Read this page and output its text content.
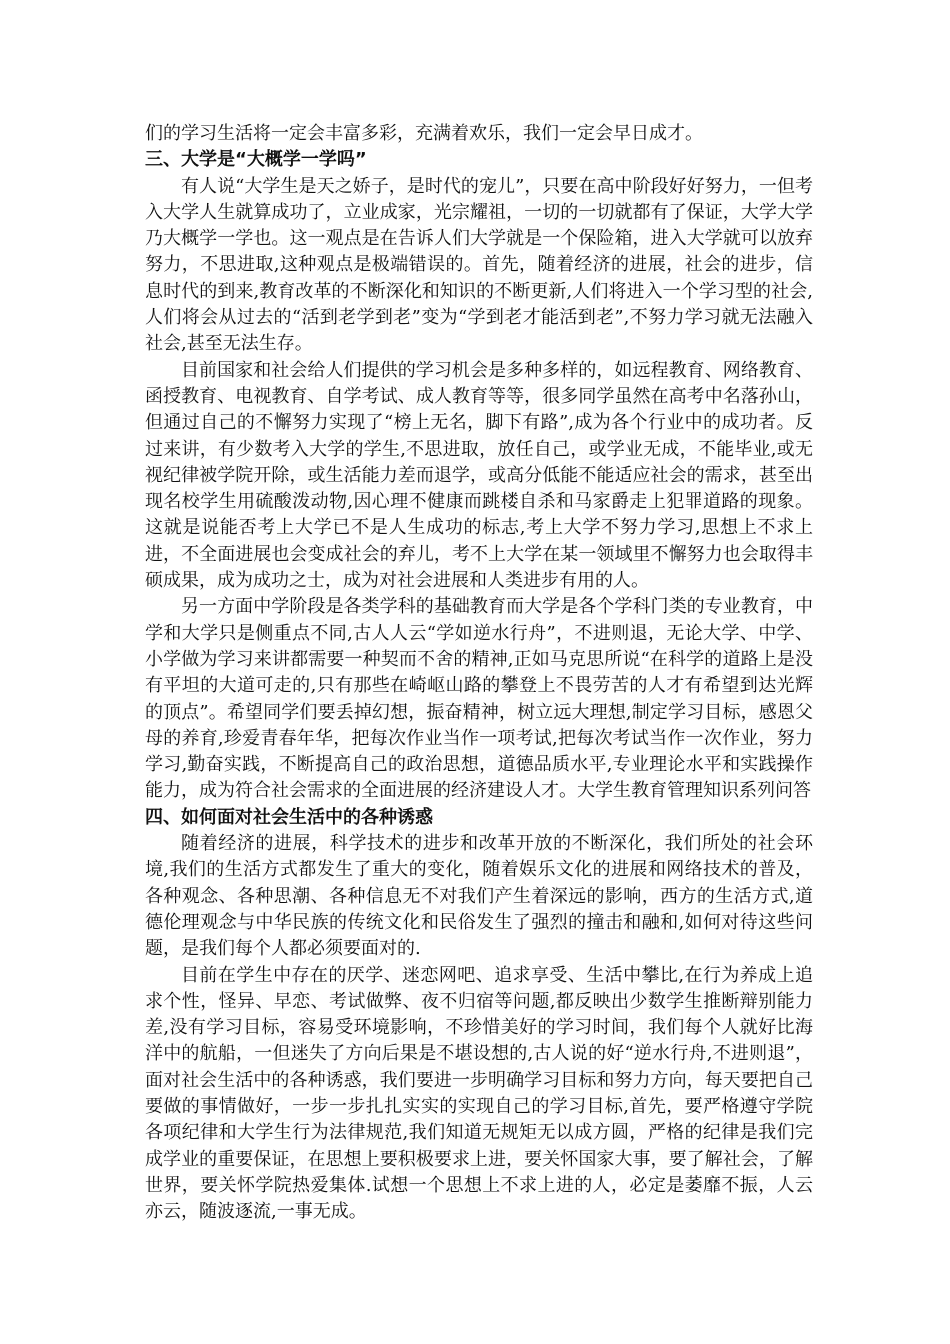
们的学习生活将一定会丰富多彩，充满着欢乐，我们一定会早日成才。

三、大学是“大概学一学吗”

有人说“大学生是天之娇子，是时代的宠儿”，只要在高中阶段好好努力，一但考入大学人生就算成功了，立业成家，光宗耀祖，一切的一切就都有了保证，大学大学乃大概学一学也。这一观点是在告诉人们大学就是一个保险箱，进入大学就可以放弃努力，不思进取,这种观点是极端错误的。首先，随着经济的进展，社会的进步，信息时代的到来,教育改革的不断深化和知识的不断更新,人们将进入一个学习型的社会,人们将会从过去的“活到老学到老”变为“学到老才能活到老”,不努力学习就无法融入社会,甚至无法生存。

目前国家和社会给人们提供的学习机会是多种多样的，如远程教育、网络教育、函授教育、电视教育、自学考试、成人教育等等，很多同学虽然在高考中名落孙山，但通过自己的不懈努力实现了“榜上无名，脚下有路”,成为各个行业中的成功者。反过来讲，有少数考入大学的学生,不思进取，放任自己，或学业无成，不能毕业,或无视纪律被学院开除，或生活能力差而退学，或高分低能不能适应社会的需求，甚至出现名校学生用硫酸泼动物,因心理不健康而跳楼自杀和马家爵走上犯罪道路的现象。这就是说能否考上大学已不是人生成功的标志,考上大学不努力学习,思想上不求上进，不全面进展也会变成社会的弃儿，考不上大学在某一领域里不懈努力也会取得丰硕成果，成为成功之士，成为对社会进展和人类进步有用的人。

另一方面中学阶段是各类学科的基础教育而大学是各个学科门类的专业教育，中学和大学只是侧重点不同,古人人云“学如逆水行舟”，不进则退，无论大学、中学、小学做为学习来讲都需要一种契而不舍的精神,正如马克思所说“在科学的道路上是没有平坦的大道可走的,只有那些在崎岖山路的攀登上不畏劳苦的人才有希望到达光辉的顶点”。希望同学们要丢掉幻想，振奋精神，树立远大理想,制定学习目标，感恩父母的养育,珍爱青春年华，把每次作业当作一项考试,把每次考试当作一次作业，努力学习,勤奋实践，不断提高自己的政治思想，道德品质水平,专业理论水平和实践操作能力，成为符合社会需求的全面进展的经济建设人才。大学生教育管理知识系列问答

四、如何面对社会生活中的各种诱惑

随着经济的进展，科学技术的进步和改革开放的不断深化，我们所处的社会环境,我们的生活方式都发生了重大的变化，随着娱乐文化的进展和网络技术的普及，各种观念、各种思潮、各种信息无不对我们产生着深远的影响，西方的生活方式,道德伦理观念与中华民族的传统文化和民俗发生了强烈的撞击和融和,如何对待这些问题，是我们每个人都必须要面对的.

目前在学生中存在的厌学、迷恋网吧、追求享受、生活中攀比,在行为养成上追求个性，怪异、早恋、考试做弊、夜不归宿等问题,都反映出少数学生推断辩别能力差,没有学习目标，容易受环境影响，不珍惜美好的学习时间，我们每个人就好比海洋中的航船，一但迷失了方向后果是不堪设想的,古人说的好“逆水行舟,不进则退”，面对社会生活中的各种诱惑，我们要进一步明确学习目标和努力方向，每天要把自己要做的事情做好，一步一步扎扎实实的实现自己的学习目标,首先，要严格遵守学院各项纪律和大学生行为法律规范,我们知道无规矩无以成方圆，严格的纪律是我们完成学业的重要保证，在思想上要积极要求上进，要关怀国家大事，要了解社会，了解世界，要关怀学院热爱集体.试想一个思想上不求上进的人，必定是萎靡不振，人云亦云，随波逐流,一事无成。
